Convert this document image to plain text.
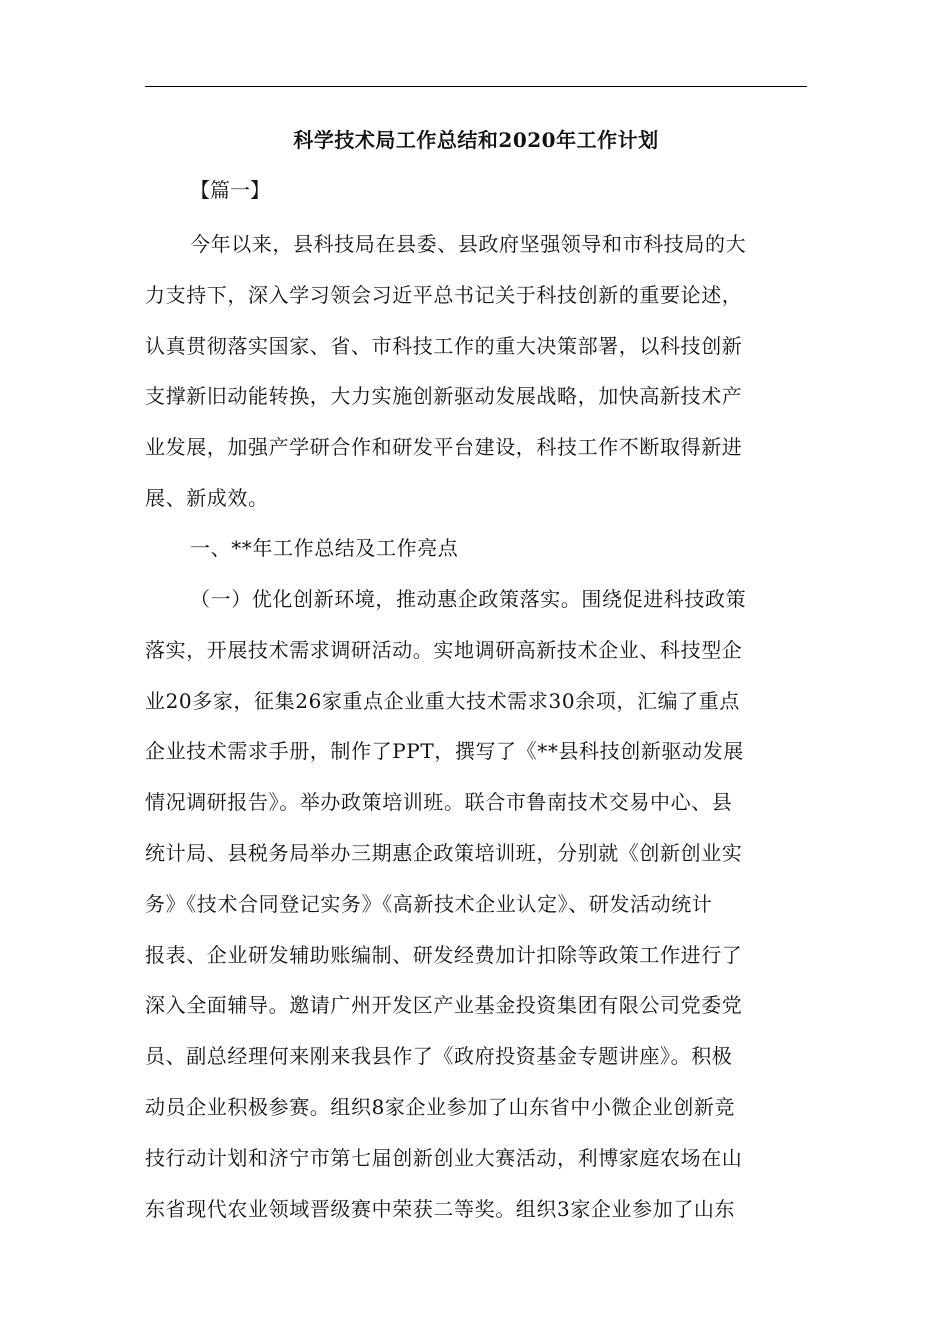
科学技术局工作总结和2020年工作计划
【篇一】
今年以来，县科技局在县委、县政府坚强领导和市科技局的大
力支持下，深入学习领会习近平总书记关于科技创新的重要论述，
认真贯彻落实国家、省、市科技工作的重大决策部署，以科技创新
支撑新旧动能转换，大力实施创新驱动发展战略，加快高新技术产
业发展，加强产学研合作和研发平台建设，科技工作不断取得新进
展、新成效。
一、**年工作总结及工作亮点
（一）优化创新环境，推动惠企政策落实。围绕促进科技政策
落实，开展技术需求调研活动。实地调研高新技术企业、科技型企
业20多家，征集26家重点企业重大技术需求30余项，汇编了重点
企业技术需求手册，制作了PPT，撰写了《**县科技创新驱动发展
情况调研报告》。举办政策培训班。联合市鲁南技术交易中心、县
统计局、县税务局举办三期惠企政策培训班，分别就《创新创业实
务》《技术合同登记实务》《高新技术企业认定》、研发活动统计
报表、企业研发辅助账编制、研发经费加计扣除等政策工作进行了
深入全面辅导。邀请广州开发区产业基金投资集团有限公司党委党
员、副总经理何来刚来我县作了《政府投资基金专题讲座》。积极
动员企业积极参赛。组织8家企业参加了山东省中小微企业创新竞
技行动计划和济宁市第七届创新创业大赛活动，利博家庭农场在山
东省现代农业领域晋级赛中荣获二等奖。组织3家企业参加了山东
